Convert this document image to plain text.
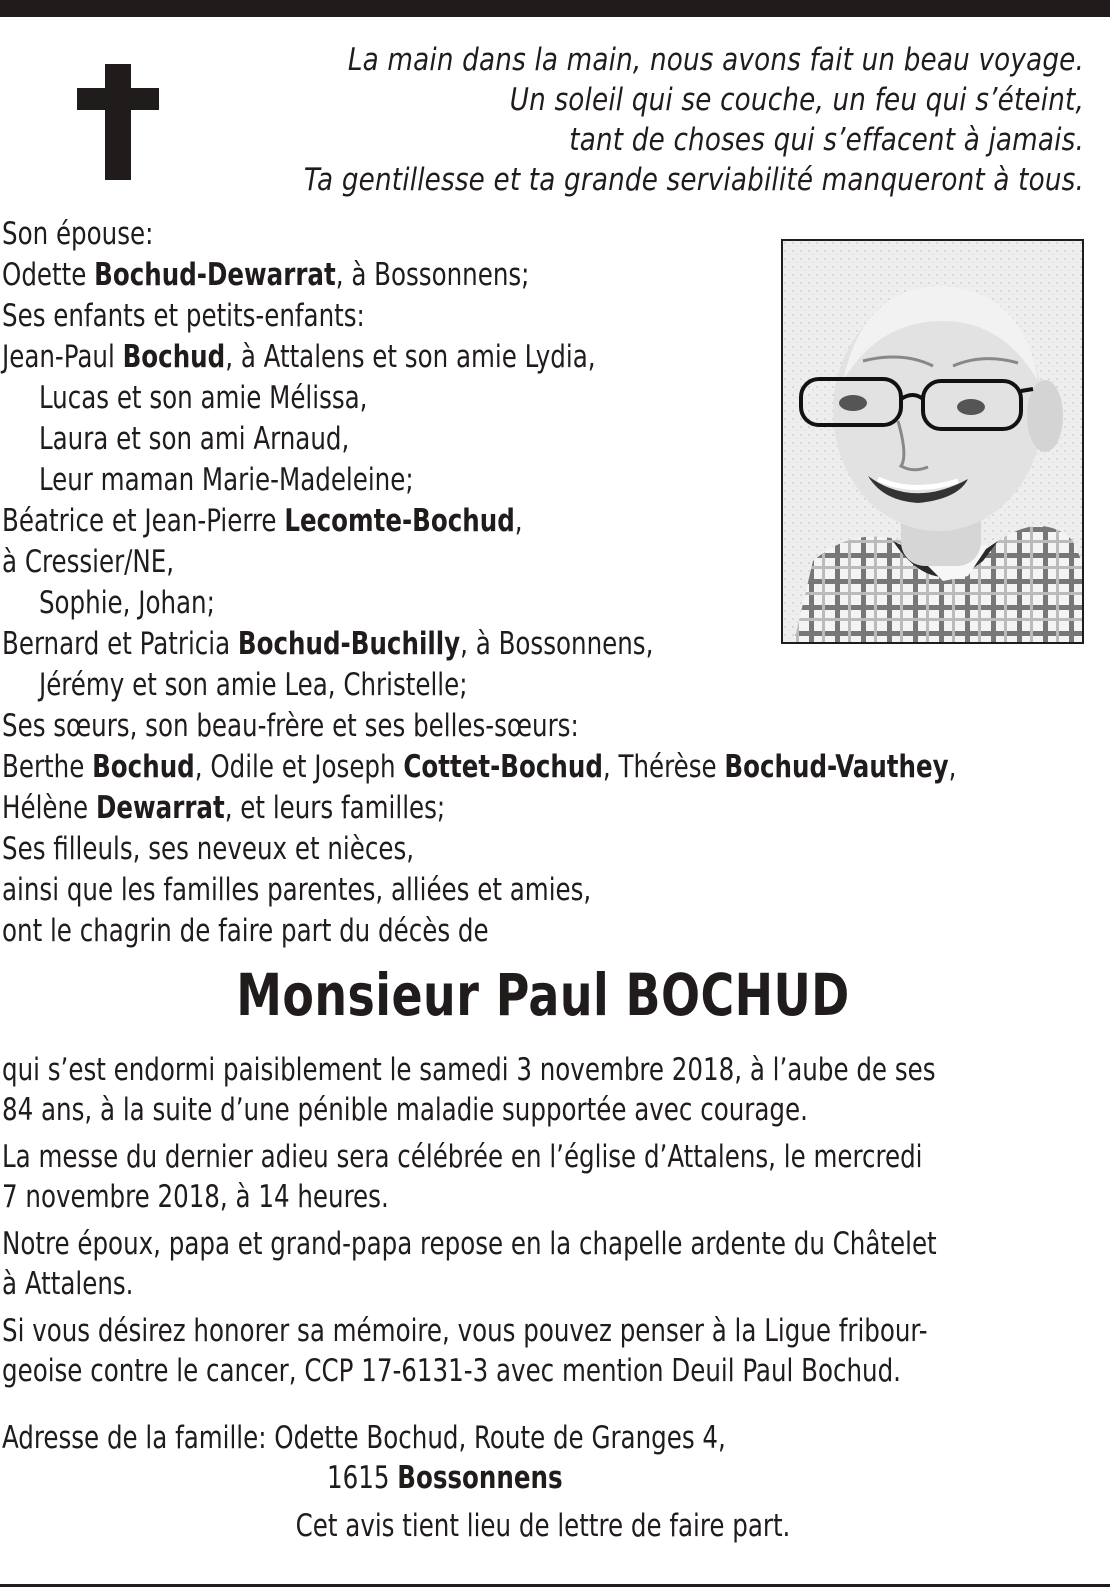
La main dans la main, nous avons fait un beau voyage.
Un soleil qui se couche, un feu qui s’éteint,
tant de choses qui s’effacent à jamais.
Ta gentillesse et ta grande serviabilité manqueront à tous.
Son épouse:
Odette Bochud-Dewarrat, à Bossonnens;
Ses enfants et petits-enfants:
Jean-Paul Bochud, à Attalens et son amie Lydia,
Lucas et son amie Mélissa,
Laura et son ami Arnaud,
Leur maman Marie-Madeleine;
Béatrice et Jean-Pierre Lecomte-Bochud,
à Cressier/NE,
Sophie, Johan;
Bernard et Patricia Bochud-Buchilly, à Bossonnens,
Jérémy et son amie Lea, Christelle;
Ses sœurs, son beau-frère et ses belles-sœurs:
Berthe Bochud, Odile et Joseph Cottet-Bochud, Thérèse Bochud-Vauthey,
Hélène Dewarrat, et leurs familles;
Ses filleuls, ses neveux et nièces,
ainsi que les familles parentes, alliées et amies,
ont le chagrin de faire part du décès de
Monsieur Paul BOCHUD

qui s’est endormi paisiblement le samedi 3 novembre 2018, à l’aube de ses
84 ans, à la suite d’une pénible maladie supportée avec courage.

La messe du dernier adieu sera célébrée en l’église d’Attalens, le mercredi
7 novembre 2018, à 14 heures.

Notre époux, papa et grand-papa repose en la chapelle ardente du Châtelet
à Attalens.

Si vous désirez honorer sa mémoire, vous pouvez penser à la Ligue fribour-
geoise contre le cancer, CCP 17-6131-3 avec mention Deuil Paul Bochud.

Adresse de la famille: Odette Bochud, Route de Granges 4,
1615 Bossonnens
Cet avis tient lieu de lettre de faire part.
